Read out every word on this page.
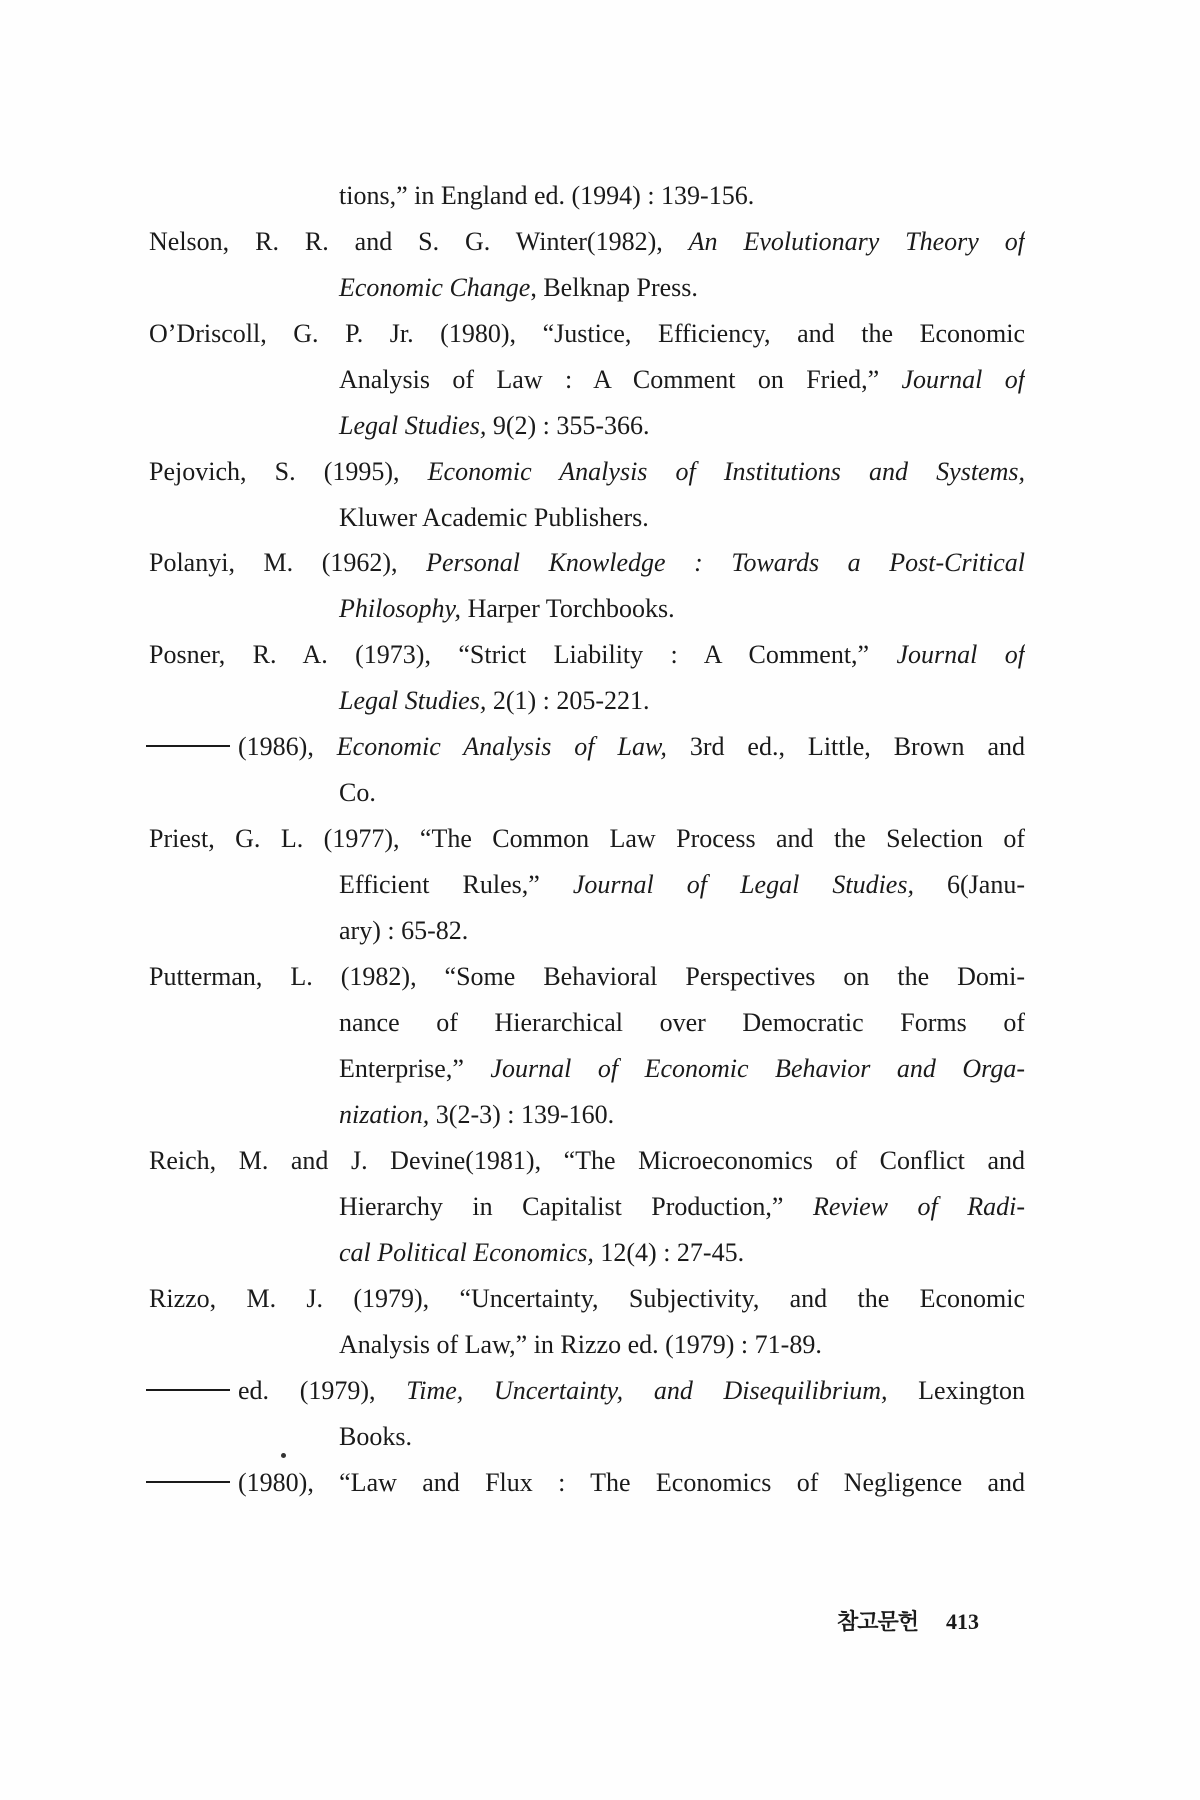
tions,” in England ed. (1994) : 139-156.
Nelson, R. R. and S. G. Winter(1982), An Evolutionary Theory of
Economic Change, Belknap Press.
O’Driscoll, G. P. Jr. (1980), “Justice, Efficiency, and the Economic
Analysis of Law : A Comment on Fried,” Journal of
Legal Studies, 9(2) : 355-366.
Pejovich, S. (1995), Economic Analysis of Institutions and Systems,
Kluwer Academic Publishers.
Polanyi, M. (1962), Personal Knowledge : Towards a Post-Critical
Philosophy, Harper Torchbooks.
Posner, R. A. (1973), “Strict Liability : A Comment,” Journal of
Legal Studies, 2(1) : 205-221.
(1986), Economic Analysis of Law, 3rd ed., Little, Brown and
Co.
Priest, G. L. (1977), “The Common Law Process and the Selection of
Efficient Rules,” Journal of Legal Studies, 6(Janu-
ary) : 65-82.
Putterman, L. (1982), “Some Behavioral Perspectives on the Domi-
nance of Hierarchical over Democratic Forms of
Enterprise,” Journal of Economic Behavior and Orga-
nization, 3(2-3) : 139-160.
Reich, M. and J. Devine(1981), “The Microeconomics of Conflict and
Hierarchy in Capitalist Production,” Review of Radi-
cal Political Economics, 12(4) : 27-45.
Rizzo, M. J. (1979), “Uncertainty, Subjectivity, and the Economic
Analysis of Law,” in Rizzo ed. (1979) : 71-89.
ed. (1979), Time, Uncertainty, and Disequilibrium, Lexington
Books.
(1980), “Law and Flux : The Economics of Negligence and
참고문헌 413
